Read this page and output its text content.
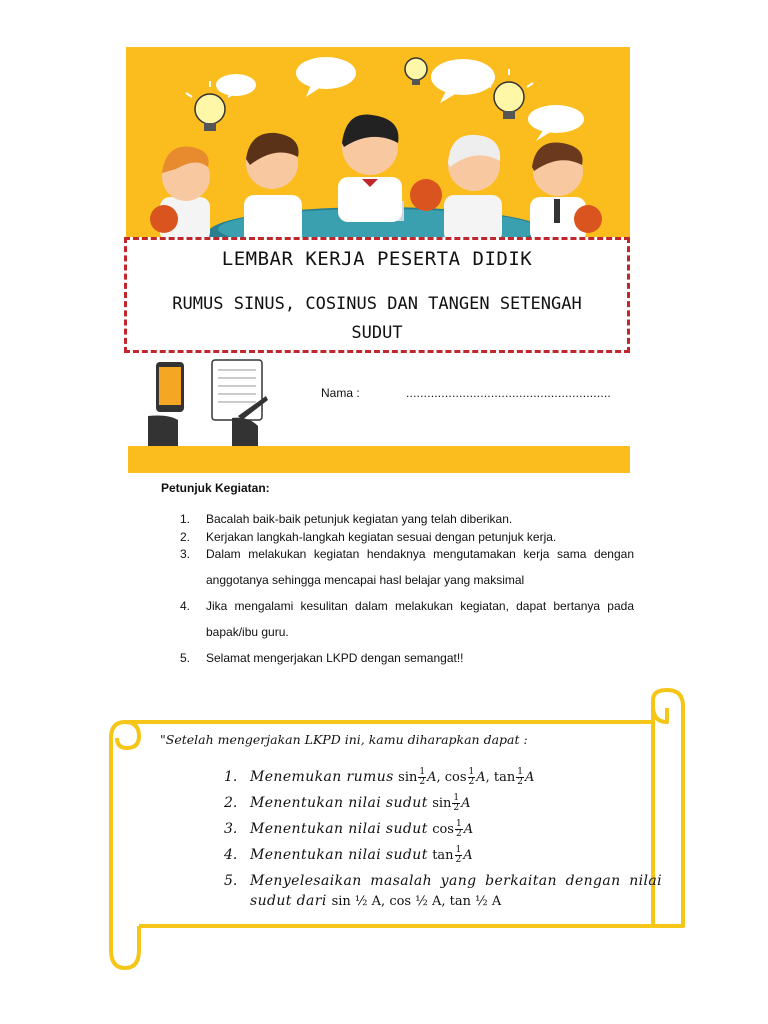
LEMBAR KERJA PESERTA DIDIK
RUMUS SINUS, COSINUS DAN TANGEN SETENGAH SUDUT
Nama :	..........................................................
Petunjuk Kegiatan:
1. Bacalah baik-baik petunjuk kegiatan yang telah diberikan.
2. Kerjakan langkah-langkah kegiatan sesuai dengan petunjuk kerja.
3. Dalam melakukan kegiatan hendaknya mengutamakan kerja sama dengan anggotanya sehingga mencapai hasl belajar yang maksimal
4. Jika mengalami kesulitan dalam melakukan kegiatan, dapat bertanya pada bapak/ibu guru.
5. Selamat mengerjakan LKPD dengan semangat!!
"Setelah mengerjakan LKPD ini, kamu diharapkan dapat :
1. Menemukan rumus $\sin \frac{1}{2} A$, $\cos \frac{1}{2} A$, $\tan \frac{1}{2}$ A
2. Menentukan nilai sudut $\sin \frac{1}{2}$ A
3. Menentukan nilai sudut $\cos \frac{1}{2}$ A
4. Menentukan nilai sudut $\tan \frac{1}{2}$ A
5. Menyelesaikan masalah yang berkaitan dengan nilai sudut dari sin ½ A, cos ½ A, tan ½ A
